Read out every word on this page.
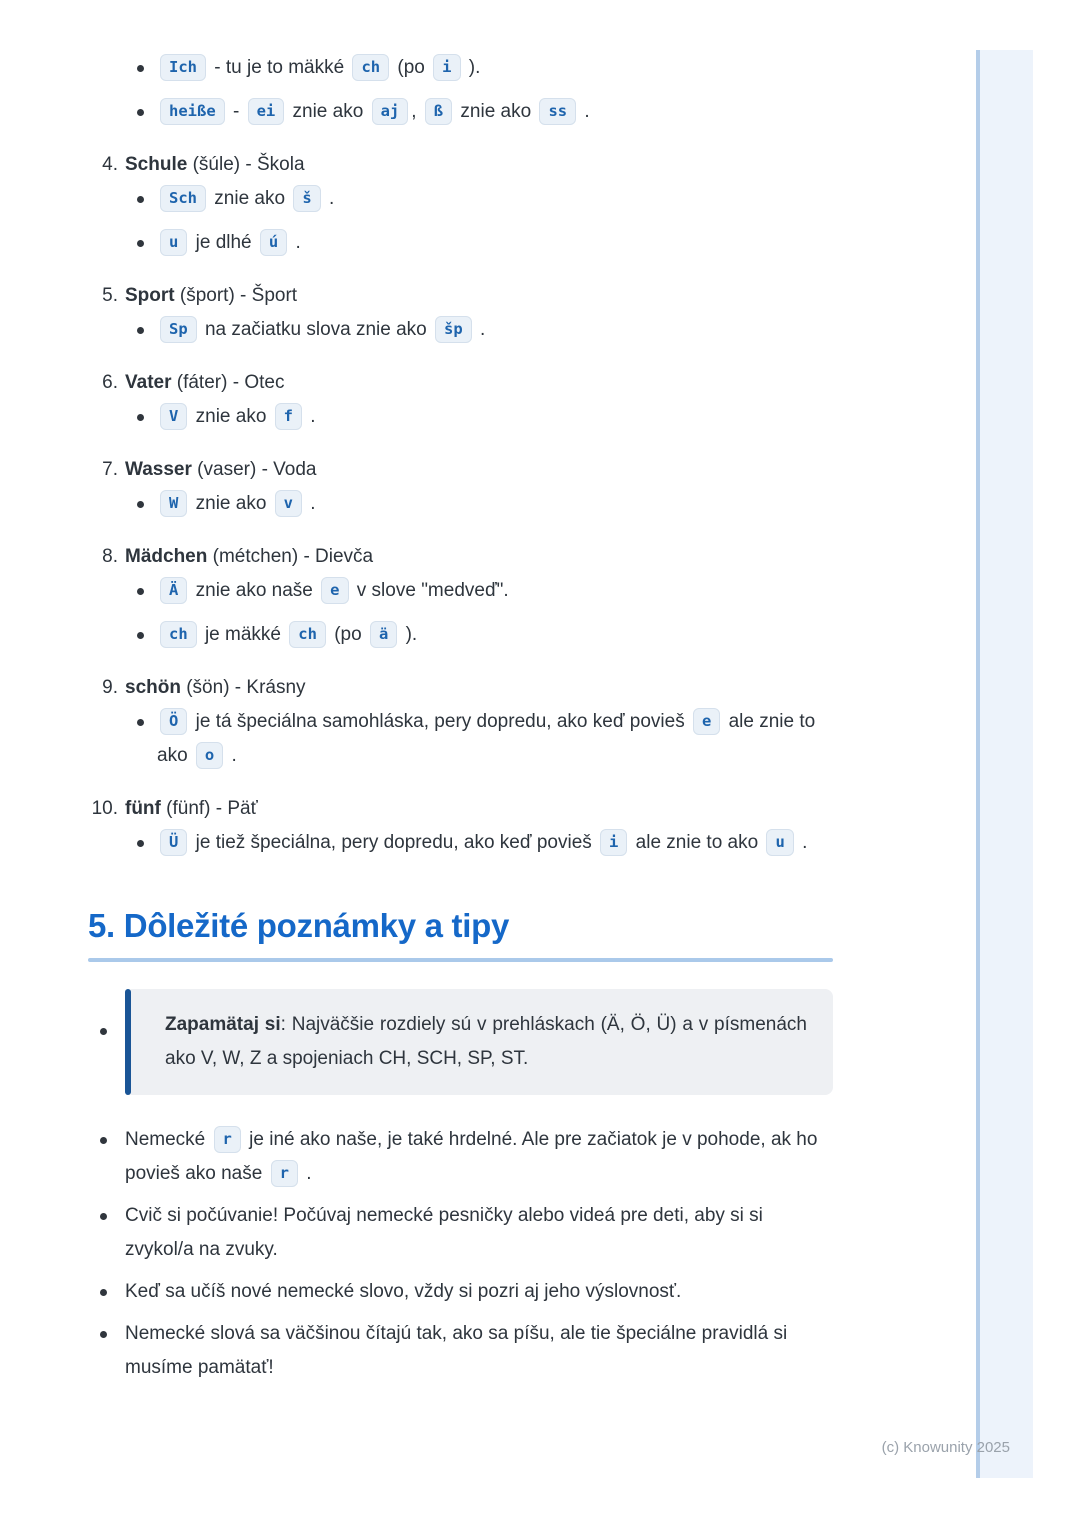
Ich - tu je to mäkké ch (po i ).
heiße - ei znie ako aj , ß znie ako ss .
4. Schule (šúle) - Škola
Sch znie ako š .
u je dlhé ú .
5. Sport (šport) - Šport
Sp na začiatku slova znie ako šp .
6. Vater (fáter) - Otec
V znie ako f .
7. Wasser (vaser) - Voda
W znie ako v .
8. Mädchen (métchen) - Dievča
Ä znie ako naše e v slove "medveď".
ch je mäkké ch (po ä ).
9. schön (šön) - Krásny
Ö je tá špeciálna samohláska, pery dopredu, ako keď povieš e ale znie to ako o .
10. fünf (fünf) - Päť
Ü je tiež špeciálna, pery dopredu, ako keď povieš i ale znie to ako u .
5. Dôležité poznámky a tipy

Zapamätaj si: Najväčšie rozdiely sú v prehláskach (Ä, Ö, Ü) a v písmenách ako V, W, Z a spojeniach CH, SCH, SP, ST.

Nemecké r je iné ako naše, je také hrdelné. Ale pre začiatok je v pohode, ak ho povieš ako naše r .
Cvič si počúvanie! Počúvaj nemecké pesničky alebo videá pre deti, aby si si zvykol/a na zvuky.
Keď sa učíš nové nemecké slovo, vždy si pozri aj jeho výslovnosť.
Nemecké slová sa väčšinou čítajú tak, ako sa píšu, ale tie špeciálne pravidlá si musíme pamätať!
(c) Knowunity 2025
